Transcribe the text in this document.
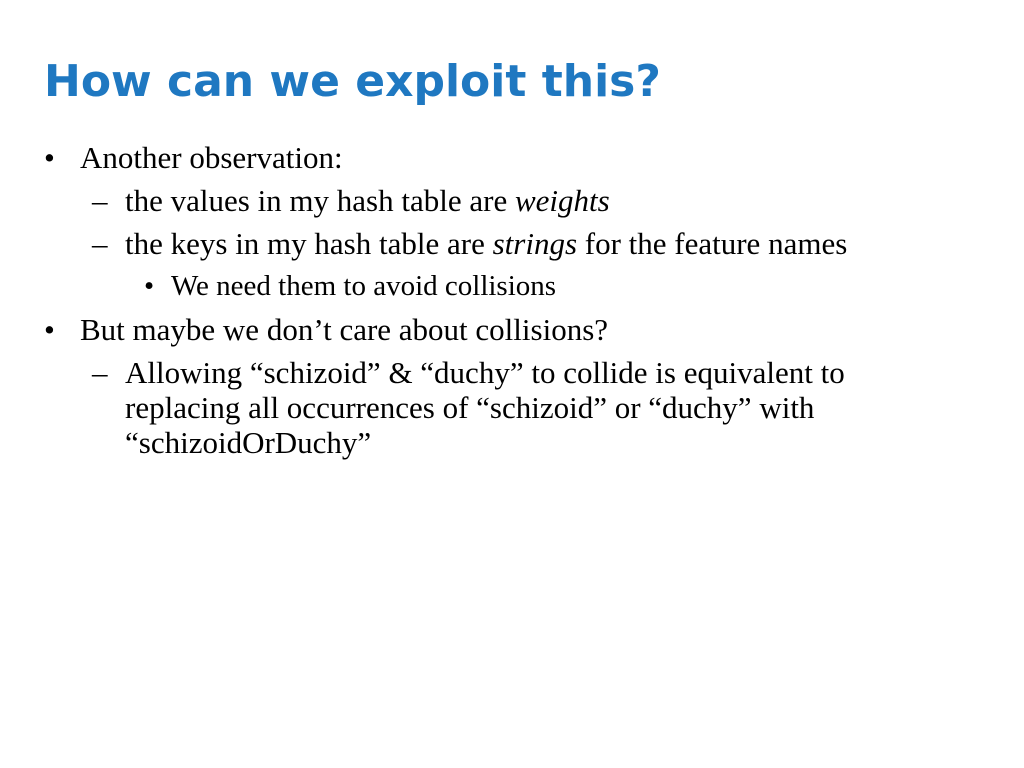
How can we exploit this?
• Another observation:
– the values in my hash table are weights
– the keys in my hash table are strings for the feature names
• We need them to avoid collisions
• But maybe we don’t care about collisions?
– Allowing “schizoid” & “duchy” to collide is equivalent to replacing all occurrences of “schizoid” or “duchy” with “schizoidOrDuchy”
